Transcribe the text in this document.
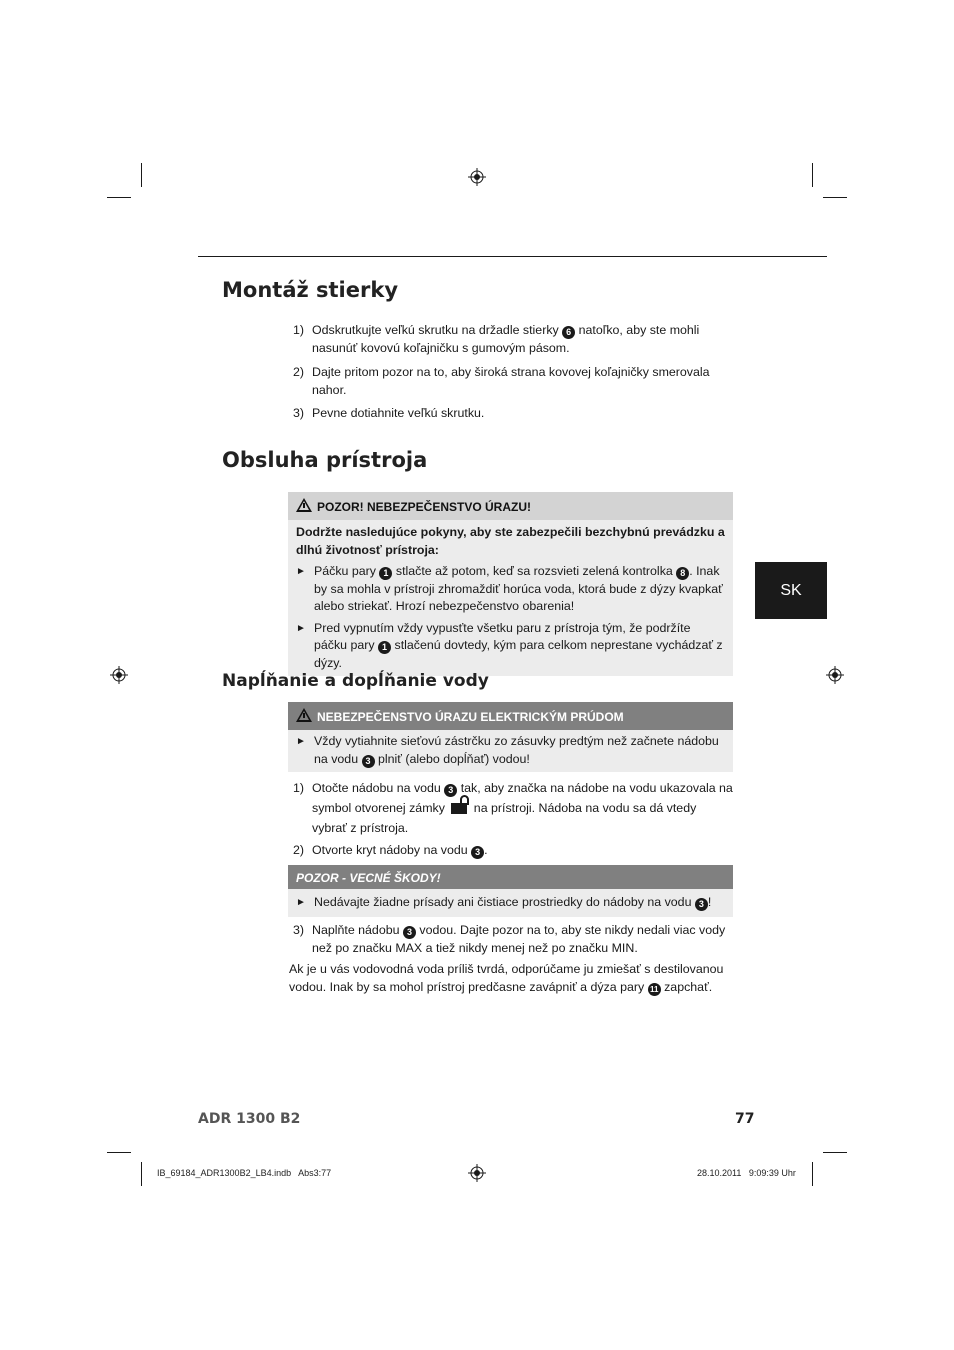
Montáž stierky
1) Odskrutkujte veľkú skrutku na držadle stierky 6 natoľko, aby ste mohli nasunúť kovovú koľajničku s gumovým pásom.
2) Dajte pritom pozor na to, aby široká strana kovovej koľajničky smerovala nahor.
3) Pevne dotiahnite veľkú skrutku.
Obsluha prístroja
POZOR! NEBEZPEČENSTVO ÚRAZU!
Dodržte nasledujúce pokyny, aby ste zabezpečili bezchybnú prevádzku a dlhú životnosť prístroja:
► Páčku pary 1 stlačte až potom, keď sa rozsvieti zelená kontrolka 8 . Inak by sa mohla v prístroji zhromaždiť horúca voda, ktorá bude z dýzy kvapkať alebo striekať. Hrozí nebezpečenstvo obarenia!
► Pred vypnutím vždy vypusťte všetku paru z prístroja tým, že podržíte páčku pary 1 stlačenú dovtedy, kým para celkom neprestane vychádzať z dýzy.
SK
Napĺňanie a dopĺňanie vody
NEBEZPEČENSTVO ÚRAZU ELEKTRICKÝM PRÚDOM
► Vždy vytiahnite sieťovú zástrčku zo zásuvky predtým než začnete nádobu na vodu 3 plniť (alebo dopĺňať) vodou!
1) Otočte nádobu na vodu 3 tak, aby značka na nádobe na vodu ukazovala na symbol otvorenej zámky  na prístroji. Nádoba na vodu sa dá vtedy vybrať z prístroja.
2) Otvorte kryt nádoby na vodu 3 .
POZOR - VECNÉ ŠKODY!
► Nedávajte žiadne prísady ani čistiace prostriedky do nádoby na vodu 3 !
3) Naplňte nádobu 3 vodou. Dajte pozor na to, aby ste nikdy nedali viac vody než po značku MAX a tiež nikdy menej než po značku MIN.
Ak je u vás vodovodná voda príliš tvrdá, odporúčame ju zmiešať s destilovanou vodou. Inak by sa mohol prístroj predčasne zavápniť a dýza pary 11 zapchať.
ADR 1300 B2	77
IB_69184_ADR1300B2_LB4.indb   Abs3:77	28.10.2011   9:09:39 Uhr
